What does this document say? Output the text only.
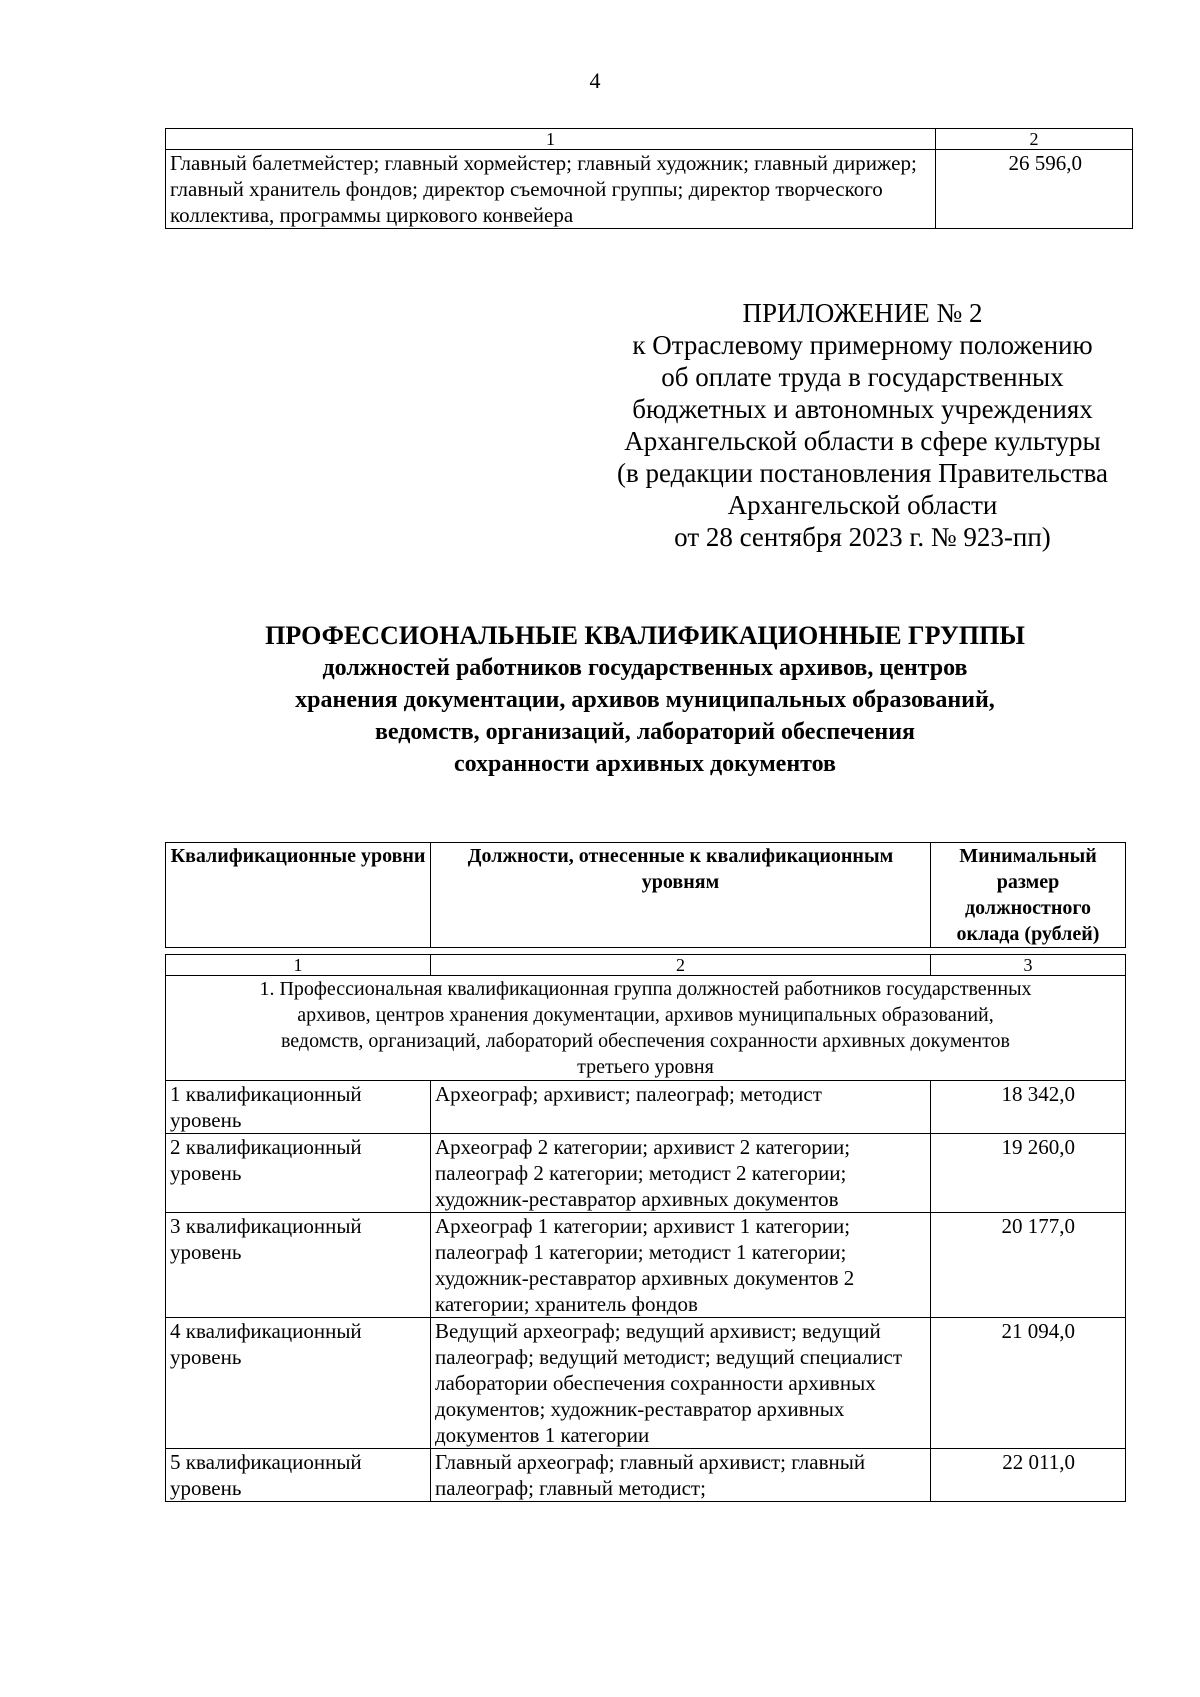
4
1	2
Главный балетмейстер; главный хормейстер; главный художник; главный дирижер; главный хранитель фондов; директор съемочной группы; директор творческого коллектива, программы циркового конвейера	26 596,0
ПРИЛОЖЕНИЕ № 2
к Отраслевому примерному положению
об оплате труда в государственных
бюджетных и автономных учреждениях
Архангельской области в сфере культуры
(в редакции постановления Правительства
Архангельской области
от 28 сентября 2023 г. № 923-пп)
ПРОФЕССИОНАЛЬНЫЕ КВАЛИФИКАЦИОННЫЕ ГРУППЫ
должностей работников государственных архивов, центров
хранения документации, архивов муниципальных образований,
ведомств, организаций, лабораторий обеспечения
сохранности архивных документов
Квалификационные уровни	Должности, отнесенные к квалификационным уровням	Минимальный размер должностного оклада (рублей)

1	2	3
1. Профессиональная квалификационная группа должностей работников государственных архивов, центров хранения документации, архивов муниципальных образований, ведомств, организаций, лабораторий обеспечения сохранности архивных документов третьего уровня		
1 квалификационный уровень	Археограф; архивист; палеограф; методист	18 342,0
2 квалификационный уровень	Археограф 2 категории; архивист 2 категории; палеограф 2 категории; методист 2 категории; художник-реставратор архивных документов	19 260,0
3 квалификационный уровень	Археограф 1 категории; архивист 1 категории; палеограф 1 категории; методист 1 категории; художник-реставратор архивных документов 2 категории; хранитель фондов	20 177,0
4 квалификационный уровень	Ведущий археограф; ведущий архивист; ведущий палеограф; ведущий методист; ведущий специалист лаборатории обеспечения сохранности архивных документов; художник-реставратор архивных документов 1 категории	21 094,0
5 квалификационный уровень	Главный археограф; главный архивист; главный палеограф; главный методист;	22 011,0
